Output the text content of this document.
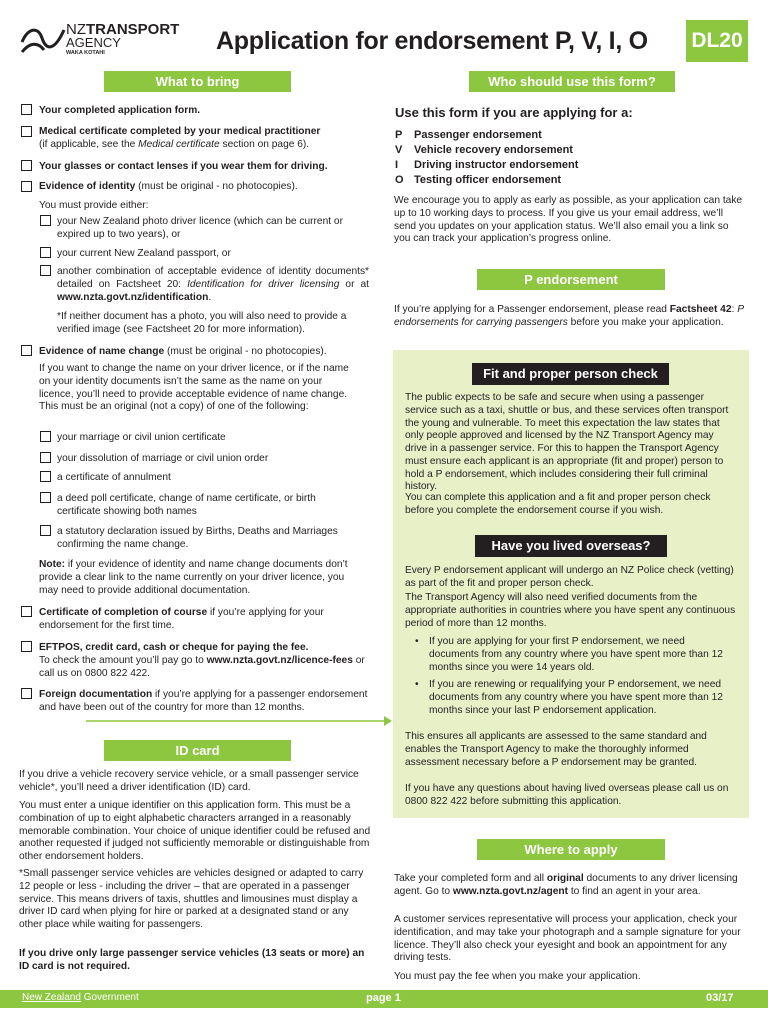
NZTRANSPORT
AGENCY
WAKA KOTAHI	Application for endorsement P, V, I, O DL20
What to bring
Your completed application form.
Medical certificate completed by your medical practitioner
(if applicable, see the Medical certificate section on page 6).
Your glasses or contact lenses if you wear them for driving.
Evidence of identity (must be original - no photocopies).
You must provide either:
your New Zealand photo driver licence (which can be current or expired up to two years), or
your current New Zealand passport, or
another combination of acceptable evidence of identity documents* detailed on Factsheet 20: Identification for driver licensing or at www.nzta.govt.nz/identification.
*If neither document has a photo, you will also need to provide a verified image (see Factsheet 20 for more information).
Evidence of name change (must be original - no photocopies).
If you want to change the name on your driver licence, or if the name on your identity documents isn’t the same as the name on your licence, you’ll need to provide acceptable evidence of name change. This must be an original (not a copy) of one of the following:
your marriage or civil union certificate
your dissolution of marriage or civil union order
a certificate of annulment
a deed poll certificate, change of name certificate, or birth certificate showing both names
a statutory declaration issued by Births, Deaths and Marriages confirming the name change.
Note: if your evidence of identity and name change documents don’t provide a clear link to the name currently on your driver licence, you may need to provide additional documentation.
Certificate of completion of course if you’re applying for your endorsement for the first time.
EFTPOS, credit card, cash or cheque for paying the fee.
To check the amount you’ll pay go to www.nzta.govt.nz/licence-fees or call us on 0800 822 422.
Foreign documentation if you’re applying for a passenger endorsement and have been out of the country for more than 12 months.
ID card
If you drive a vehicle recovery service vehicle, or a small passenger service vehicle*, you’ll need a driver identification (ID) card.
You must enter a unique identifier on this application form. This must be a combination of up to eight alphabetic characters arranged in a reasonably memorable combination. Your choice of unique identifier could be refused and another requested if judged not sufficiently memorable or distinguishable from other endorsement holders.
*Small passenger service vehicles are vehicles designed or adapted to carry 12 people or less - including the driver – that are operated in a passenger service. This means drivers of taxis, shuttles and limousines must display a driver ID card when plying for hire or parked at a designated stand or any other place while waiting for passengers.
If you drive only large passenger service vehicles (13 seats or more) an ID card is not required.
Who should use this form?
Use this form if you are applying for a:
P	Passenger endorsement
V	Vehicle recovery endorsement
I	Driving instructor endorsement
O Testing officer endorsement
We encourage you to apply as early as possible, as your application can take up to 10 working days to process. If you give us your email address, we’ll send you updates on your application status. We’ll also email you a link so you can track your application’s progress online.
P endorsement
If you’re applying for a Passenger endorsement, please read Factsheet 42: P endorsements for carrying passengers before you make your application.
Fit and proper person check
The public expects to be safe and secure when using a passenger service such as a taxi, shuttle or bus, and these services often transport the young and vulnerable. To meet this expectation the law states that only people approved and licensed by the NZ Transport Agency may drive in a passenger service. For this to happen the Transport Agency must ensure each applicant is an appropriate (fit and proper) person to hold a P endorsement, which includes considering their full criminal history.
You can complete this application and a fit and proper person check before you complete the endorsement course if you wish.
Have you lived overseas?
Every P endorsement applicant will undergo an NZ Police check (vetting) as part of the fit and proper person check.
The Transport Agency will also need verified documents from the appropriate authorities in countries where you have spent any continuous period of more than 12 months.
• If you are applying for your first P endorsement, we need documents from any country where you have spent more than 12 months since you were 14 years old.
• If you are renewing or requalifying your P endorsement, we need documents from any country where you have spent more than 12 months since your last P endorsement application.
This ensures all applicants are assessed to the same standard and enables the Transport Agency to make the thoroughly informed assessment necessary before a P endorsement may be granted.
If you have any questions about having lived overseas please call us on 0800 822 422 before submitting this application.
Where to apply
Take your completed form and all original documents to any driver licensing agent. Go to www.nzta.govt.nz/agent to find an agent in your area.
A customer services representative will process your application, check your identification, and may take your photograph and a sample signature for your licence. They’ll also check your eyesight and book an appointment for any driving tests.
You must pay the fee when you make your application.
New Zealand Government	page 1	03/17
